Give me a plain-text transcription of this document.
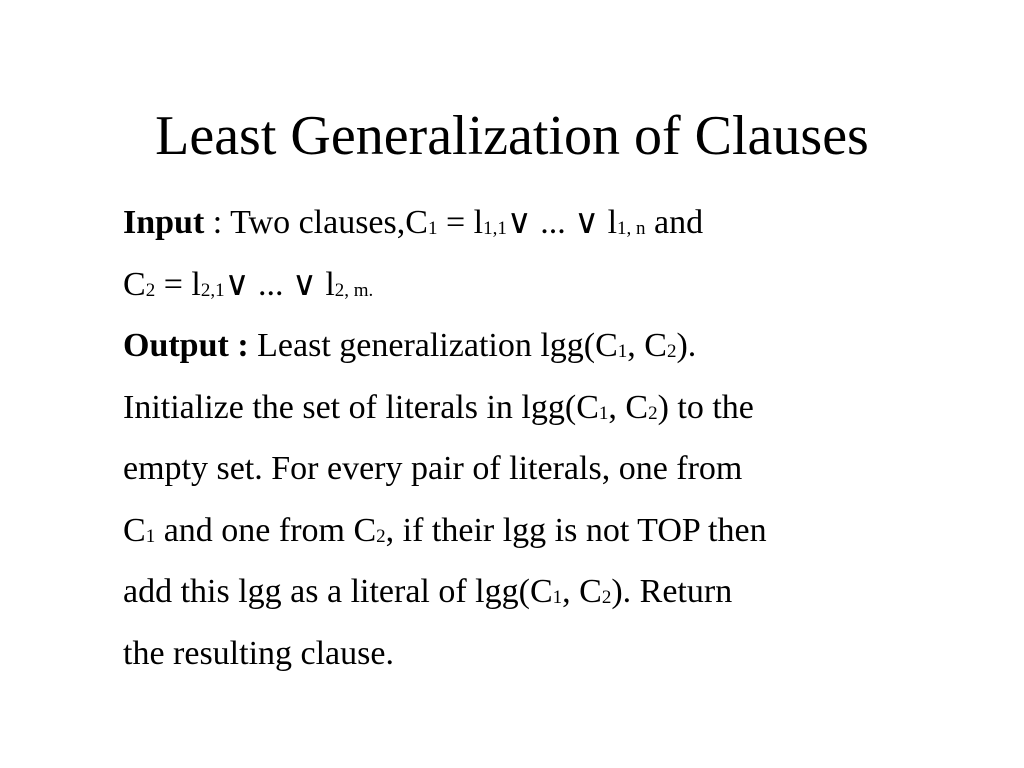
Least Generalization of Clauses
Input : Two clauses,C1 = l1,1∨ ... ∨ l1, n and
C2 = l2,1∨ ... ∨ l2, m.
Output : Least generalization lgg(C1, C2).
Initialize the set of literals in lgg(C1, C2) to the
empty set. For every pair of literals, one from
C1 and one from C2, if their lgg is not TOP then
add this lgg as a literal of lgg(C1, C2). Return
the resulting clause.
